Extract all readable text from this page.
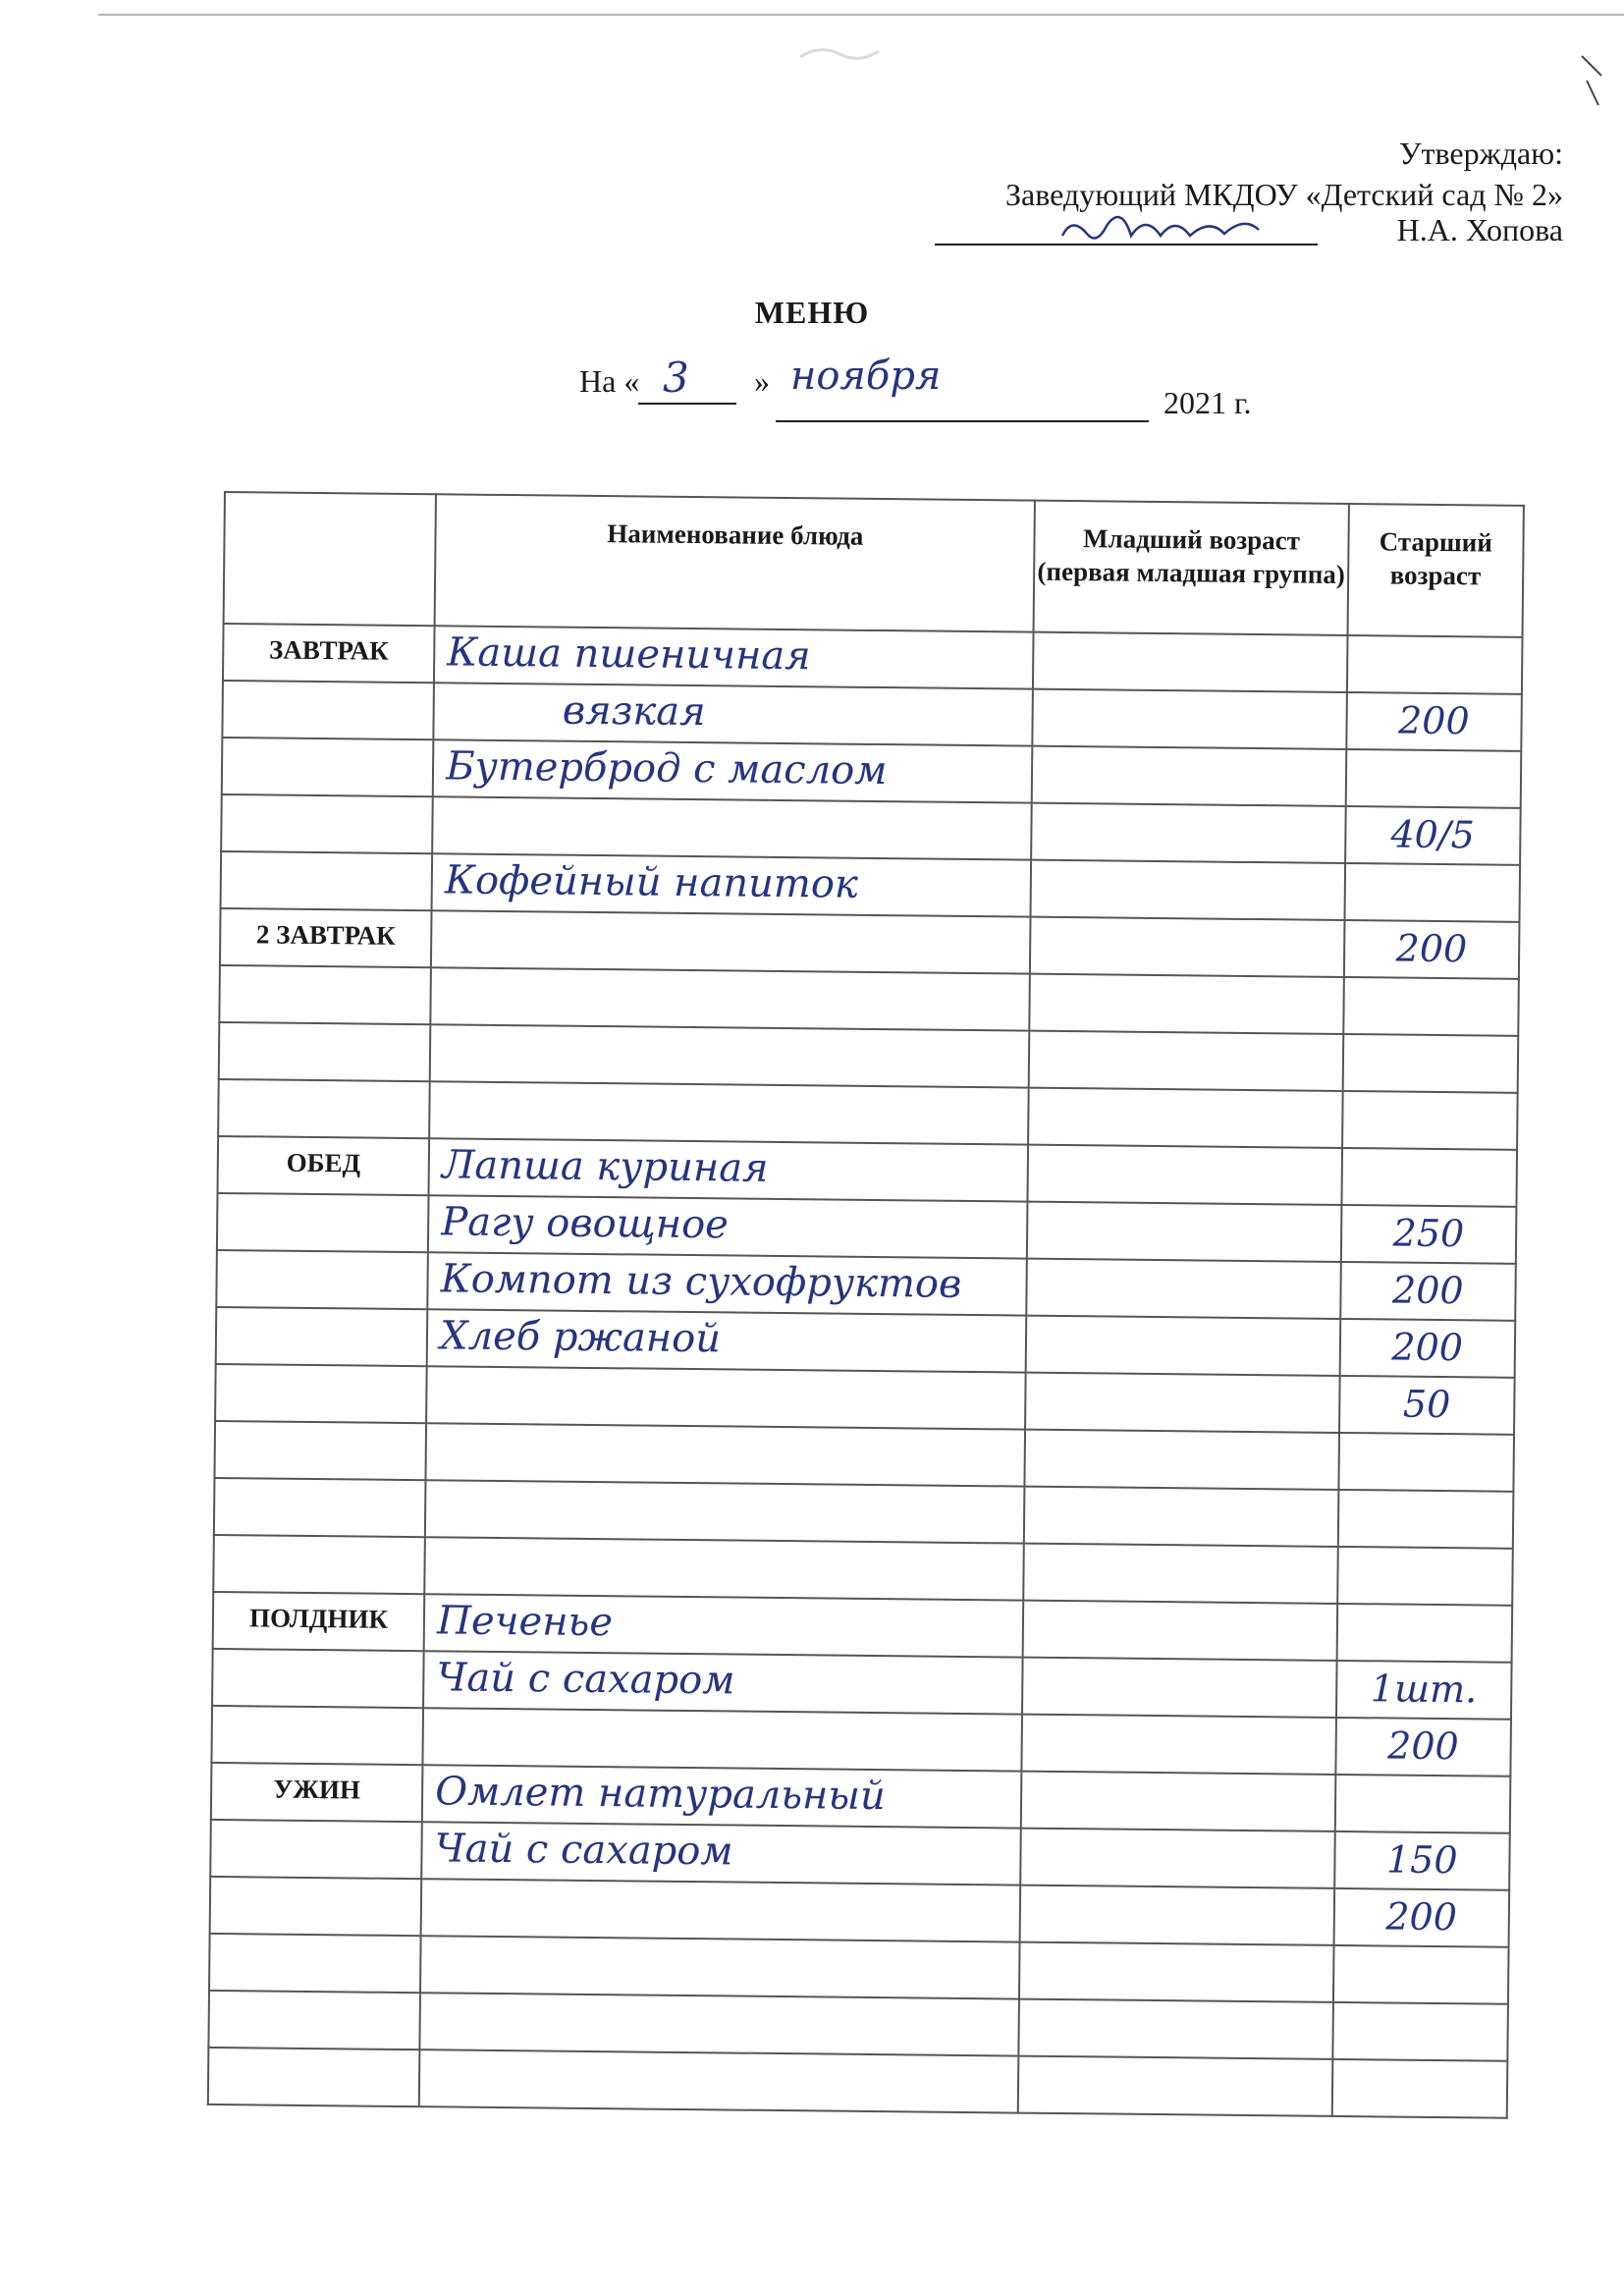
Утверждаю:
Заведующий МКДОУ «Детский сад № 2»
Н.А. Хопова
МЕНЮ
На « 3 » ноября
2021 г.
	Наименование блюда	Младший возраст (первая младшая группа)	Старший возраст

ЗАВТРАК	Каша пшеничная		

	вязкая		200

	Бутерброд с маслом		

			40/5

	Кофейный напиток		

2 ЗАВТРАК			200

ОБЕД	Лапша куриная		

	Рагу овощное		250

	Компот из сухофруктов		200

	Хлеб ржаной		200

			50

ПОЛДНИК	Печенье		

	Чай с сахаром		1шт.

			200

УЖИН	Омлет натуральный		

	Чай с сахаром		150

			200
